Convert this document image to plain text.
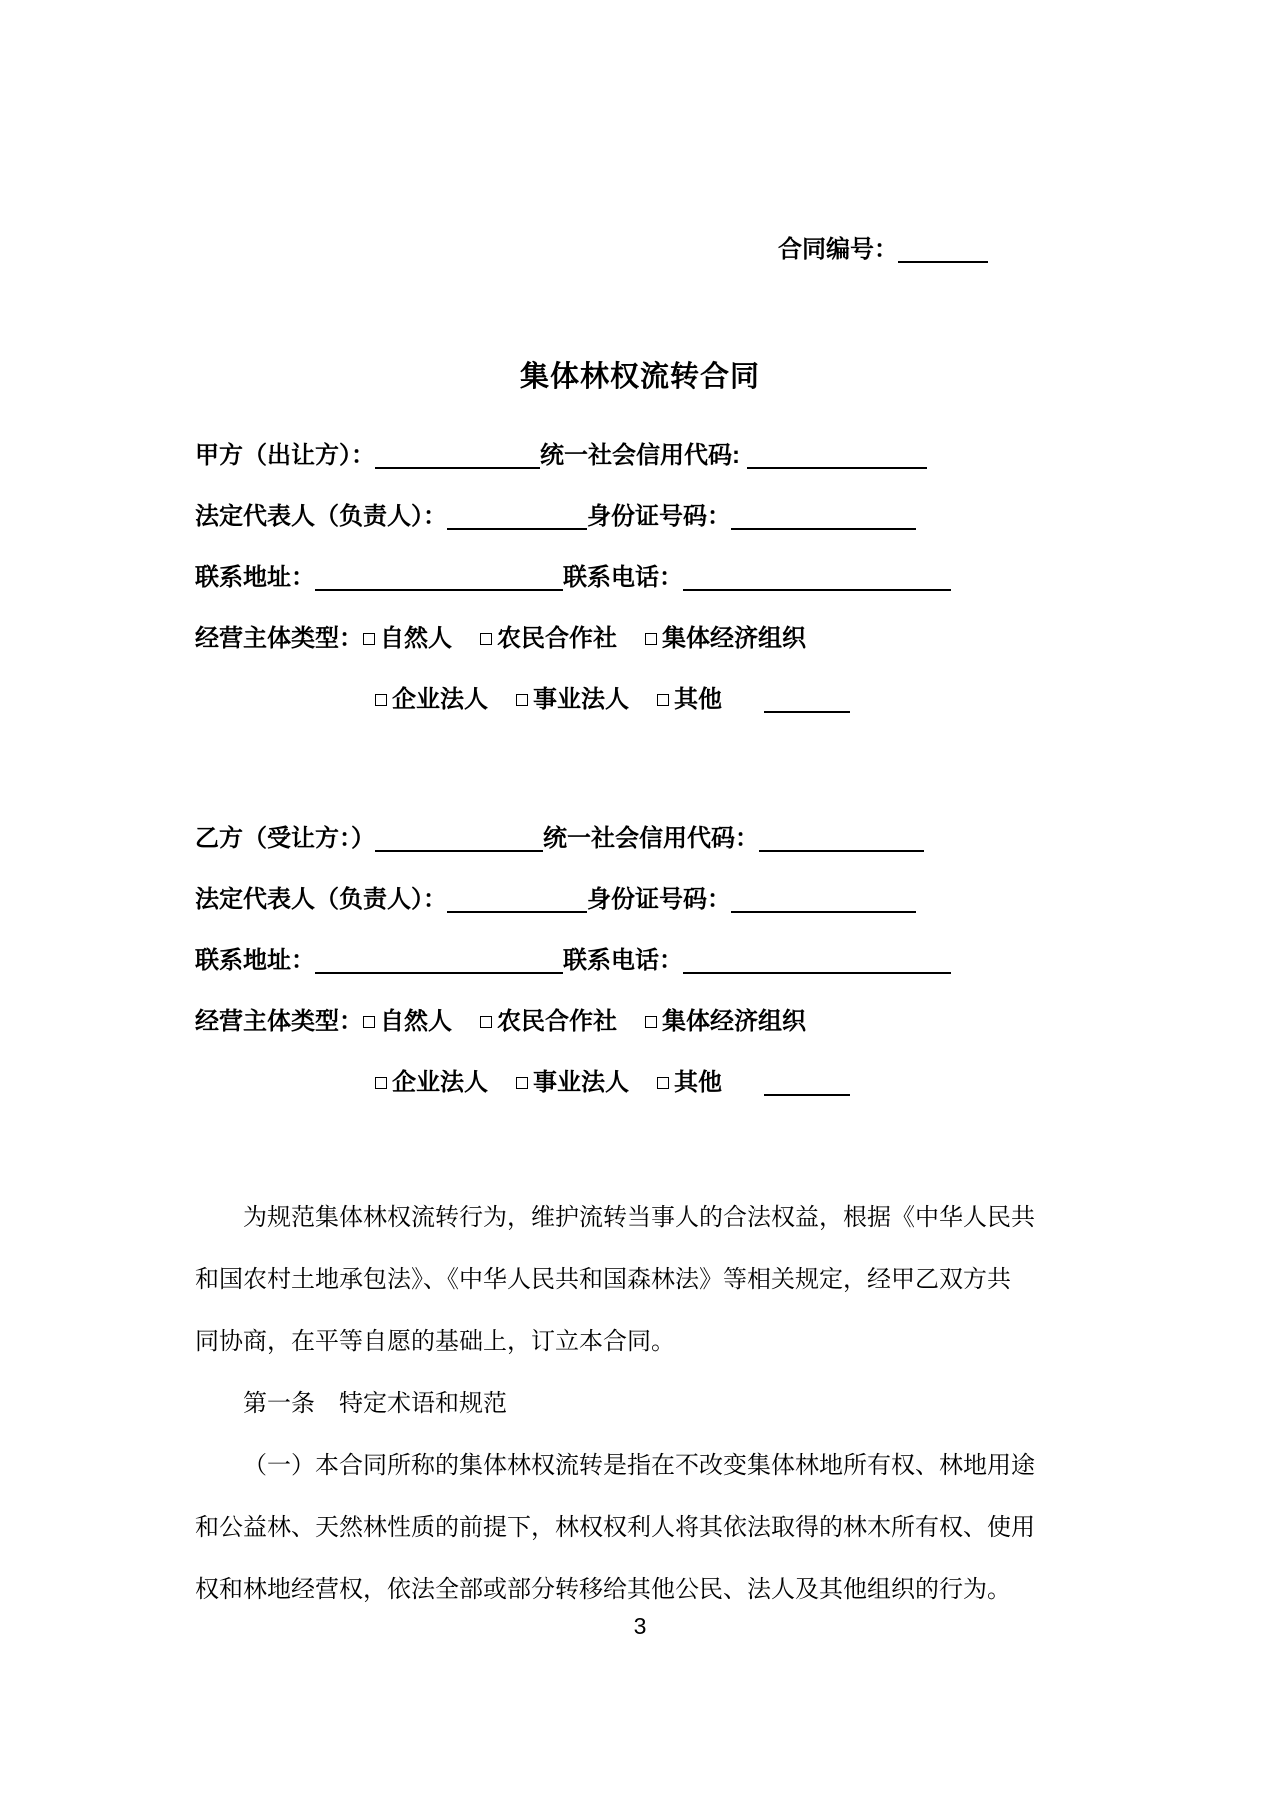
合同编号：
集体林权流转合同
甲方（出让方）：	统一社会信用代码:
法定代表人（负责人）：	身份证号码：
联系地址：	联系电话：
经营主体类型： 自然人 农民合作社 集体经济组织
企业法人 事业法人 其他
乙方（受让方：）	统一社会信用代码：
法定代表人（负责人）：	身份证号码：
联系地址：	联系电话：
经营主体类型： 自然人 农民合作社 集体经济组织
企业法人 事业法人 其他
为规范集体林权流转行为，维护流转当事人的合法权益，根据《中华人民共
和国农村土地承包法》、《中华人民共和国森林法》等相关规定，经甲乙双方共
同协商，在平等自愿的基础上，订立本合同。
第一条　特定术语和规范
（一）本合同所称的集体林权流转是指在不改变集体林地所有权、林地用途
和公益林、天然林性质的前提下，林权权利人将其依法取得的林木所有权、使用
权和林地经营权，依法全部或部分转移给其他公民、法人及其他组织的行为。
3
